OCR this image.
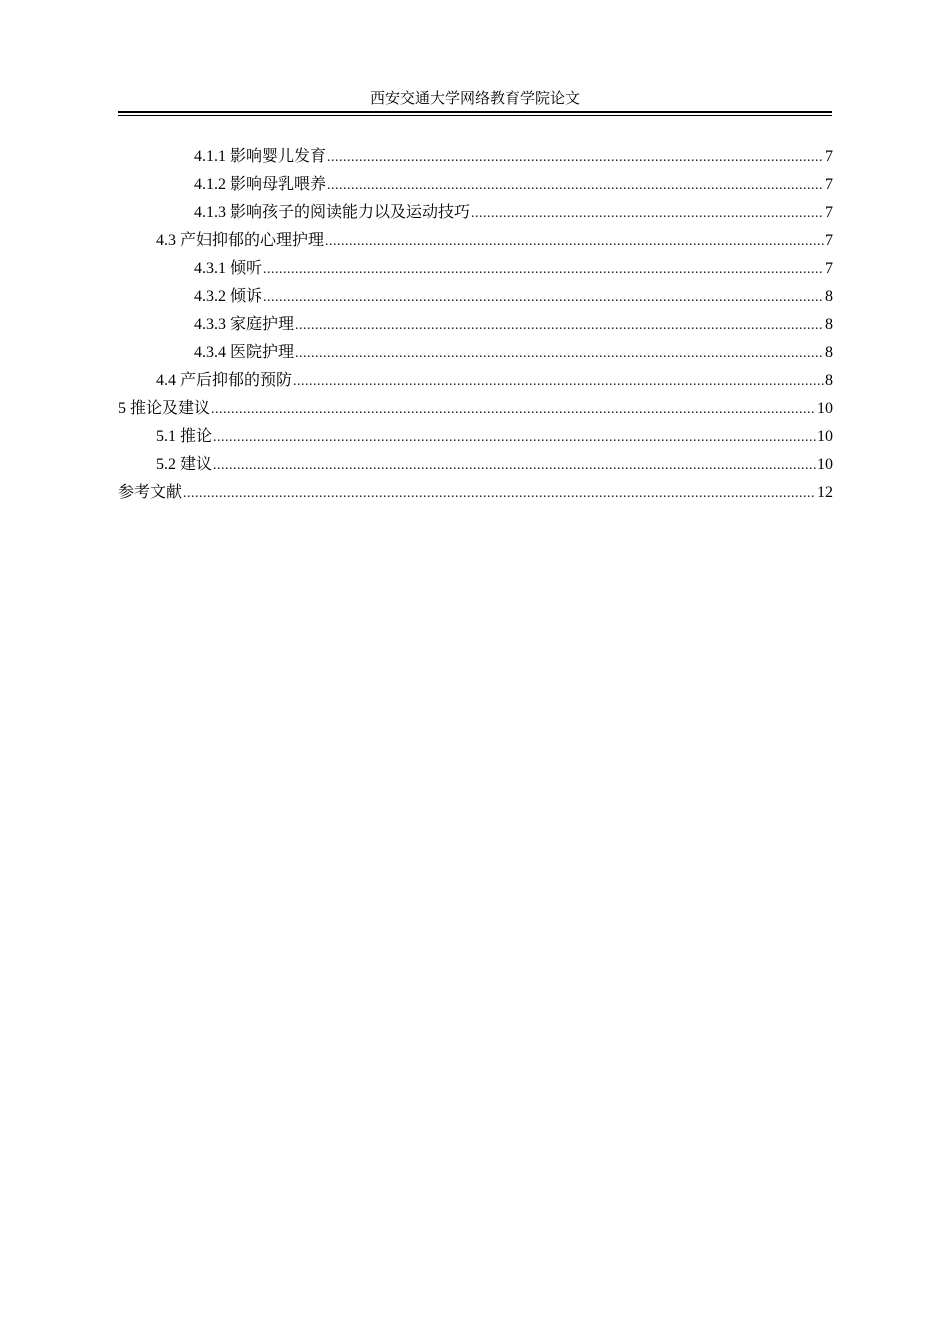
西安交通大学网络教育学院论文
4.1.1 影响婴儿发育 .....	7
4.1.2 影响母乳喂养 .....	7
4.1.3 影响孩子的阅读能力以及运动技巧 .....	7
4.3 产妇抑郁的心理护理 .....	7
4.3.1 倾听 .....	7
4.3.2 倾诉 .....	8
4.3.3 家庭护理 .....	8
4.3.4 医院护理 .....	8
4.4 产后抑郁的预防 .....	8
5 推论及建议 .....	10
5.1 推论 .....	10
5.2 建议 .....	10
参考文献 .....	12
